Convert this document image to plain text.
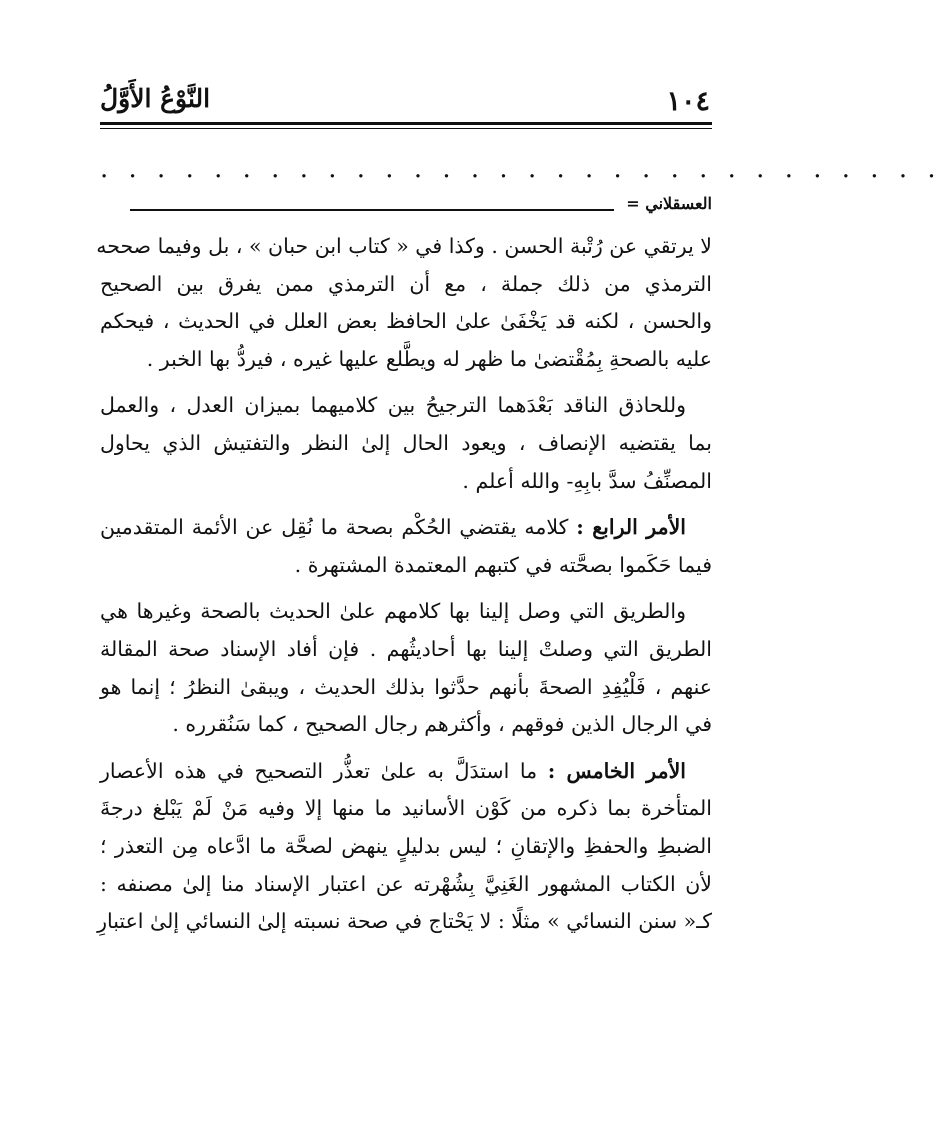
١٠٤
النَّوْعُ الأَوَّلُ
· · · · · · · · · · · · · · · · · · · · · · · · · · · · · ·
العسقلاني =
لا يرتقي عن رُتْبة الحسن . وكذا في « كتاب ابن حبان » ، بل وفيما صححه
الترمذي من ذلك جملة ، مع أن الترمذي ممن يفرق بين الصحيح
والحسن ، لكنه قد يَخْفَىٰ علىٰ الحافظ بعض العلل في الحديث ، فيحكم
عليه بالصحةِ بِمُقْتضىٰ ما ظهر له ويطَّلع عليها غيره ، فيردُّ بها الخبر .
وللحاذق الناقد بَعْدَهما الترجيحُ بين كلاميهما بميزان العدل ، والعمل
بما يقتضيه الإنصاف ، ويعود الحال إلىٰ النظر والتفتيش الذي يحاول
المصنِّفُ سدَّ بابِهِ- والله أعلم .
الأمر الرابع : كلامه يقتضي الحُكْم بصحة ما نُقِل عن الأئمة المتقدمين
فيما حَكَموا بصحَّته في كتبهم المعتمدة المشتهرة .
والطريق التي وصل إلينا بها كلامهم علىٰ الحديث بالصحة وغيرها هي
الطريق التي وصلتْ إلينا بها أحاديثُهم . فإن أفاد الإسناد صحة المقالة
عنهم ، فَلْيُفِدِ الصحةَ بأنهم حدَّثوا بذلك الحديث ، ويبقىٰ النظرُ ؛ إنما هو
في الرجال الذين فوقهم ، وأكثرهم رجال الصحيح ، كما سَنُقرره .
الأمر الخامس : ما استدَلَّ به علىٰ تعذُّر التصحيح في هذه الأعصار
المتأخرة بما ذكره من كَوْن الأسانيد ما منها إلا وفيه مَنْ لَمْ يَبْلغ درجةَ
الضبطِ والحفظِ والإتقانِ ؛ ليس بدليلٍ ينهض لصحَّة ما ادَّعاه مِن التعذر ؛
لأن الكتاب المشهور الغَنِيَّ بِشُهْرته عن اعتبار الإسناد منا إلىٰ مصنفه :
كـ« سنن النسائي » مثلًا : لا يَحْتاج في صحة نسبته إلىٰ النسائي إلىٰ اعتبارِ
